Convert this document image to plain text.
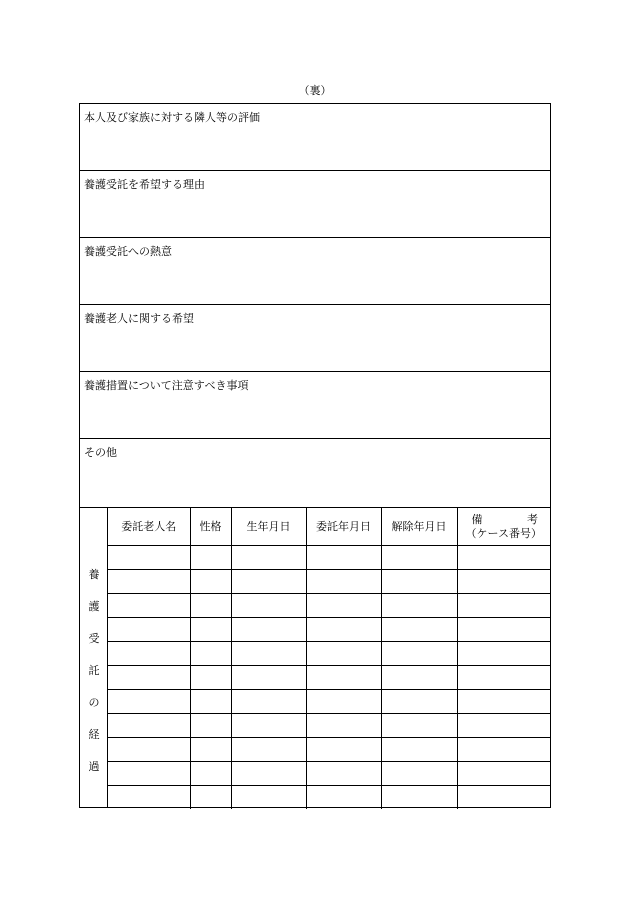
（裏）
本人及び家族に対する隣人等の評価
養護受託を希望する理由
養護受託への熱意
養護老人に関する希望
養護措置について注意すべき事項
その他
養
護
受
託
の
経
過
委託老人名	性格	生年月日	委託年月日	解除年月日	備 考
（ケース番号）
